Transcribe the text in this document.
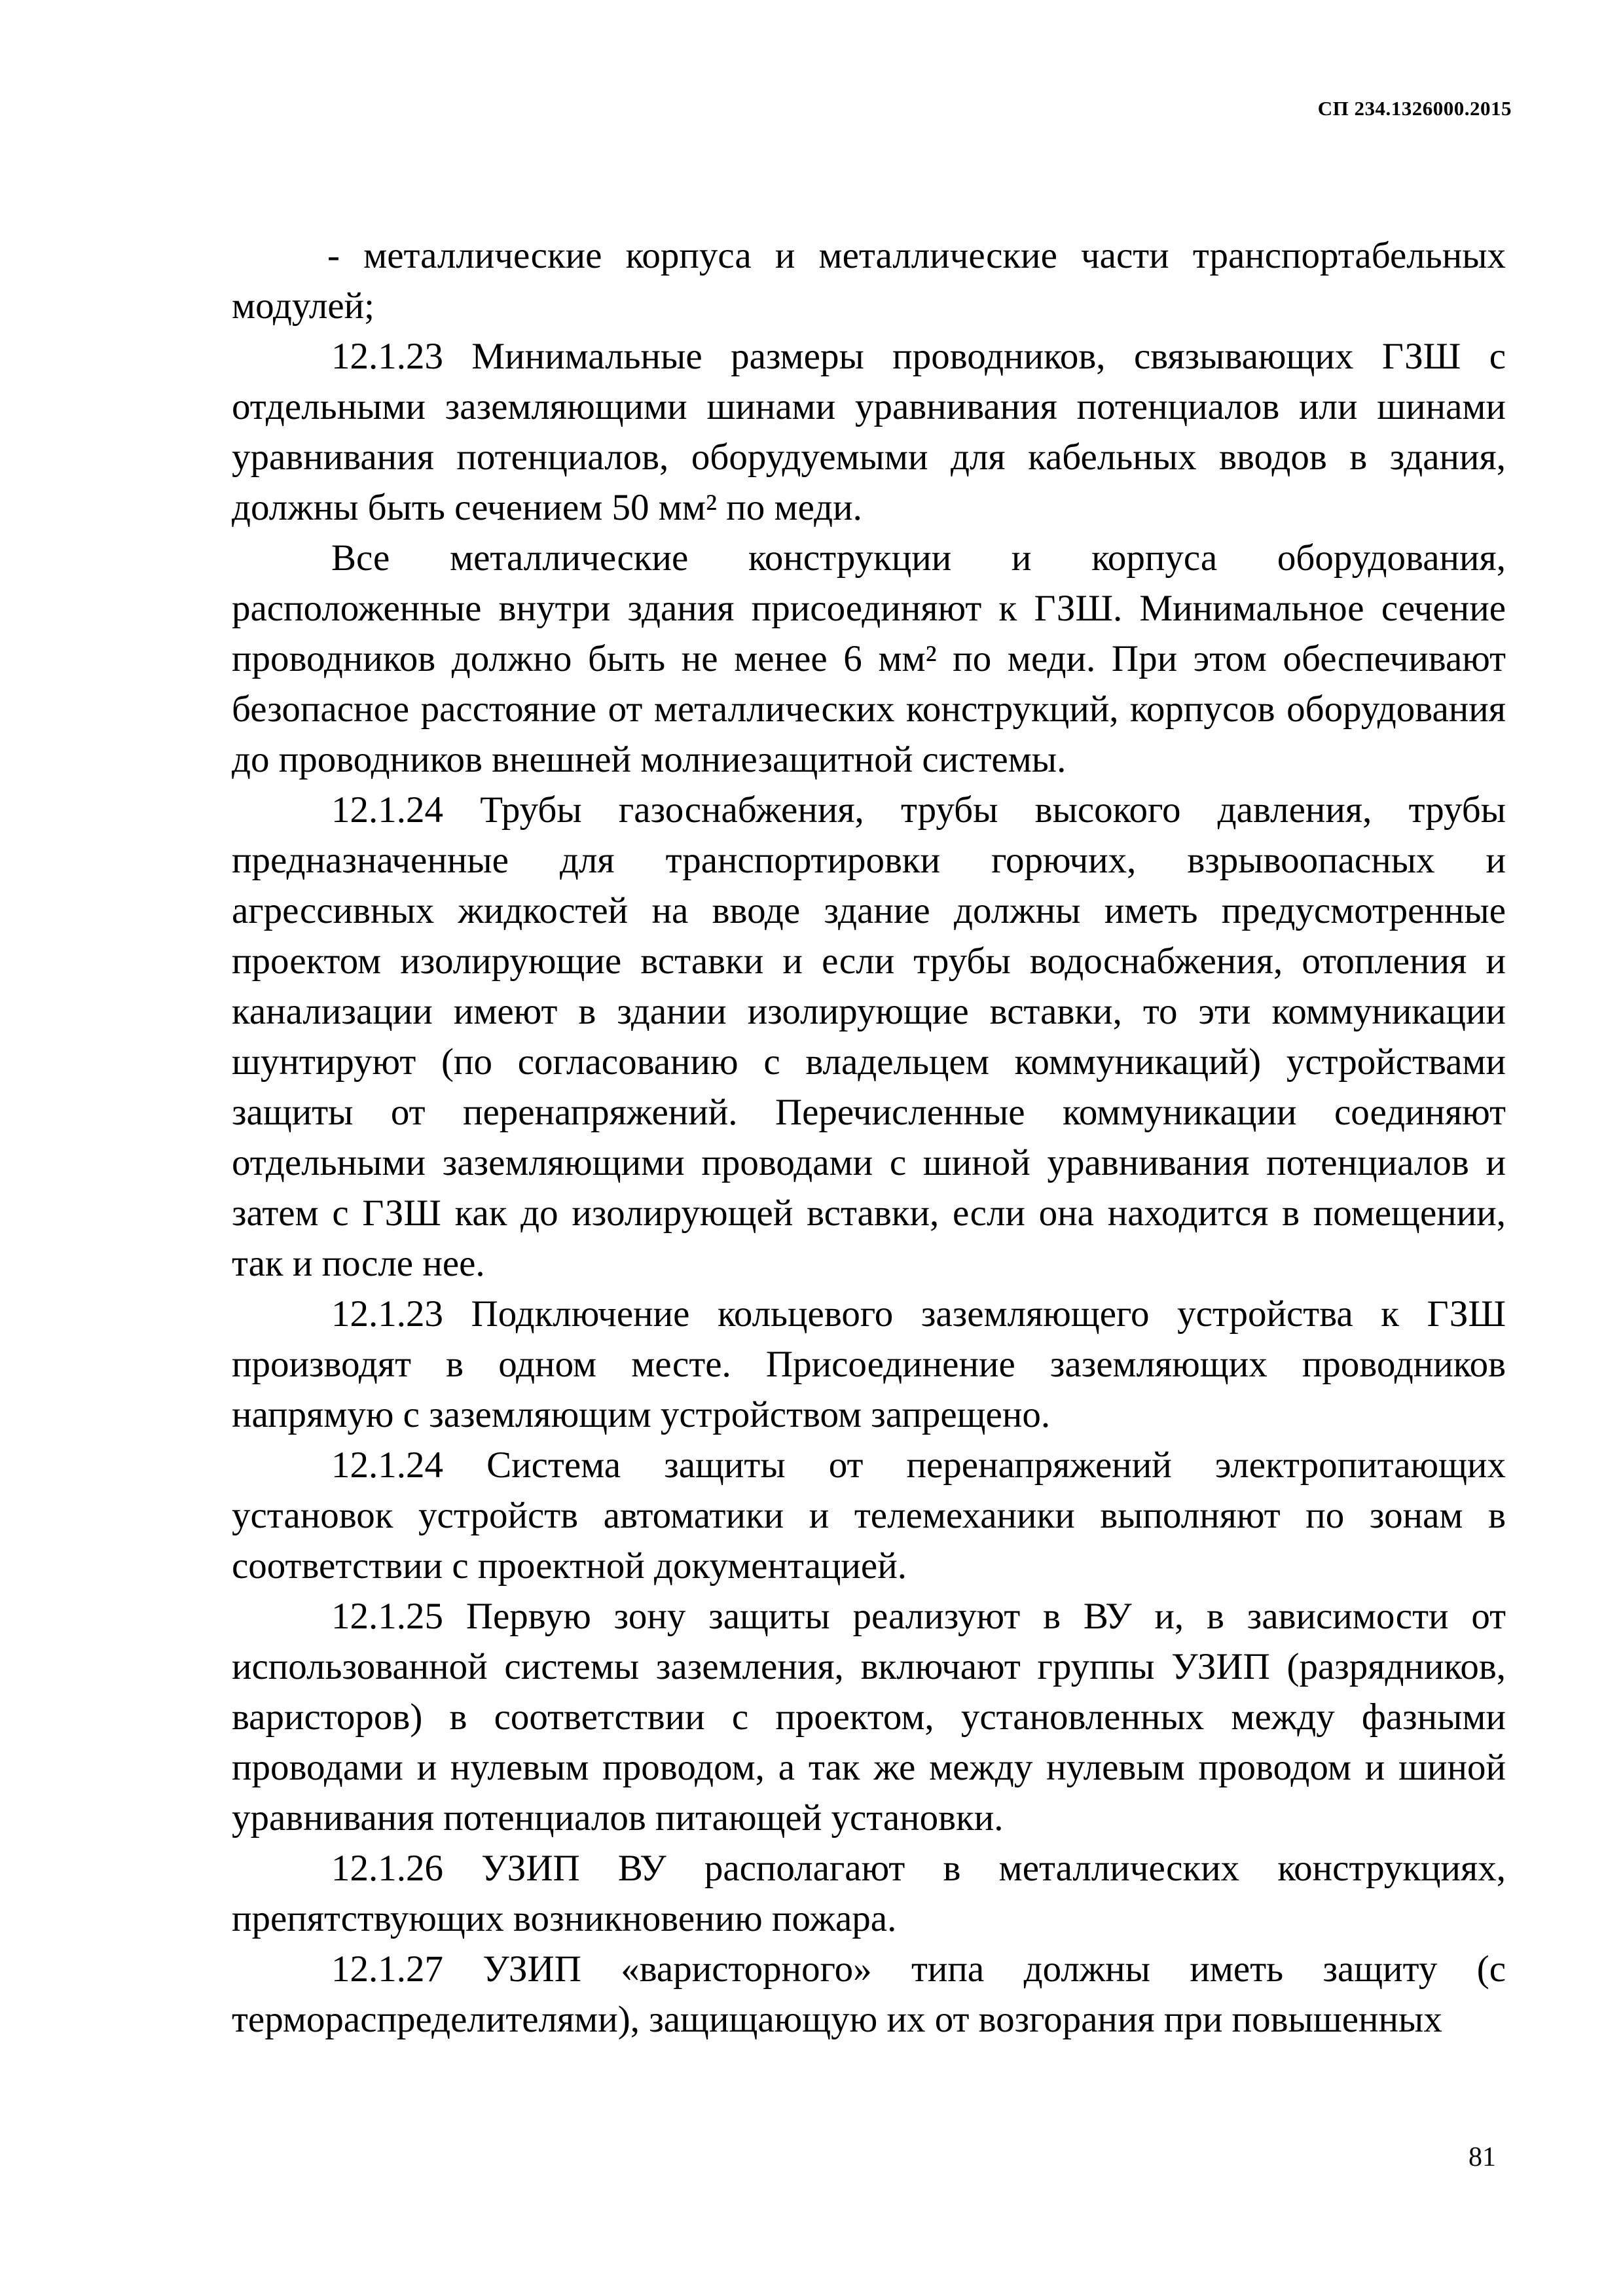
СП 234.1326000.2015

- металлические корпуса и металлические части транспортабельных модулей;

12.1.23 Минимальные размеры проводников, связывающих ГЗШ с отдельными заземляющими шинами уравнивания потенциалов или шинами уравнивания потенциалов, оборудуемыми для кабельных вводов в здания, должны быть сечением 50 мм² по меди.

Все металлические конструкции и корпуса оборудования, расположенные внутри здания присоединяют к ГЗШ. Минимальное сечение проводников должно быть не менее 6 мм² по меди. При этом обеспечивают безопасное расстояние от металлических конструкций, корпусов оборудования до проводников внешней молниезащитной системы.

12.1.24 Трубы газоснабжения, трубы высокого давления, трубы предназначенные для транспортировки горючих, взрывоопасных и агрессивных жидкостей на вводе здание должны иметь предусмотренные проектом изолирующие вставки и если трубы водоснабжения, отопления и канализации имеют в здании изолирующие вставки, то эти коммуникации шунтируют (по согласованию с владельцем коммуникаций) устройствами защиты от перенапряжений. Перечисленные коммуникации соединяют отдельными заземляющими проводами с шиной уравнивания потенциалов и затем с ГЗШ как до изолирующей вставки, если она находится в помещении, так и после нее.

12.1.23 Подключение кольцевого заземляющего устройства к ГЗШ производят в одном месте. Присоединение заземляющих проводников напрямую с заземляющим устройством запрещено.

12.1.24 Система защиты от перенапряжений электропитающих установок устройств автоматики и телемеханики выполняют по зонам в соответствии с проектной документацией.

12.1.25 Первую зону защиты реализуют в ВУ и, в зависимости от использованной системы заземления, включают группы УЗИП (разрядников, варисторов) в соответствии с проектом, установленных между фазными проводами и нулевым проводом, а так же между нулевым проводом и шиной уравнивания потенциалов питающей установки.

12.1.26 УЗИП ВУ располагают в металлических конструкциях, препятствующих возникновению пожара.

12.1.27 УЗИП «варисторного» типа должны иметь защиту (с терморaспределителями), защищающую их от возгорания при повышенных

81
